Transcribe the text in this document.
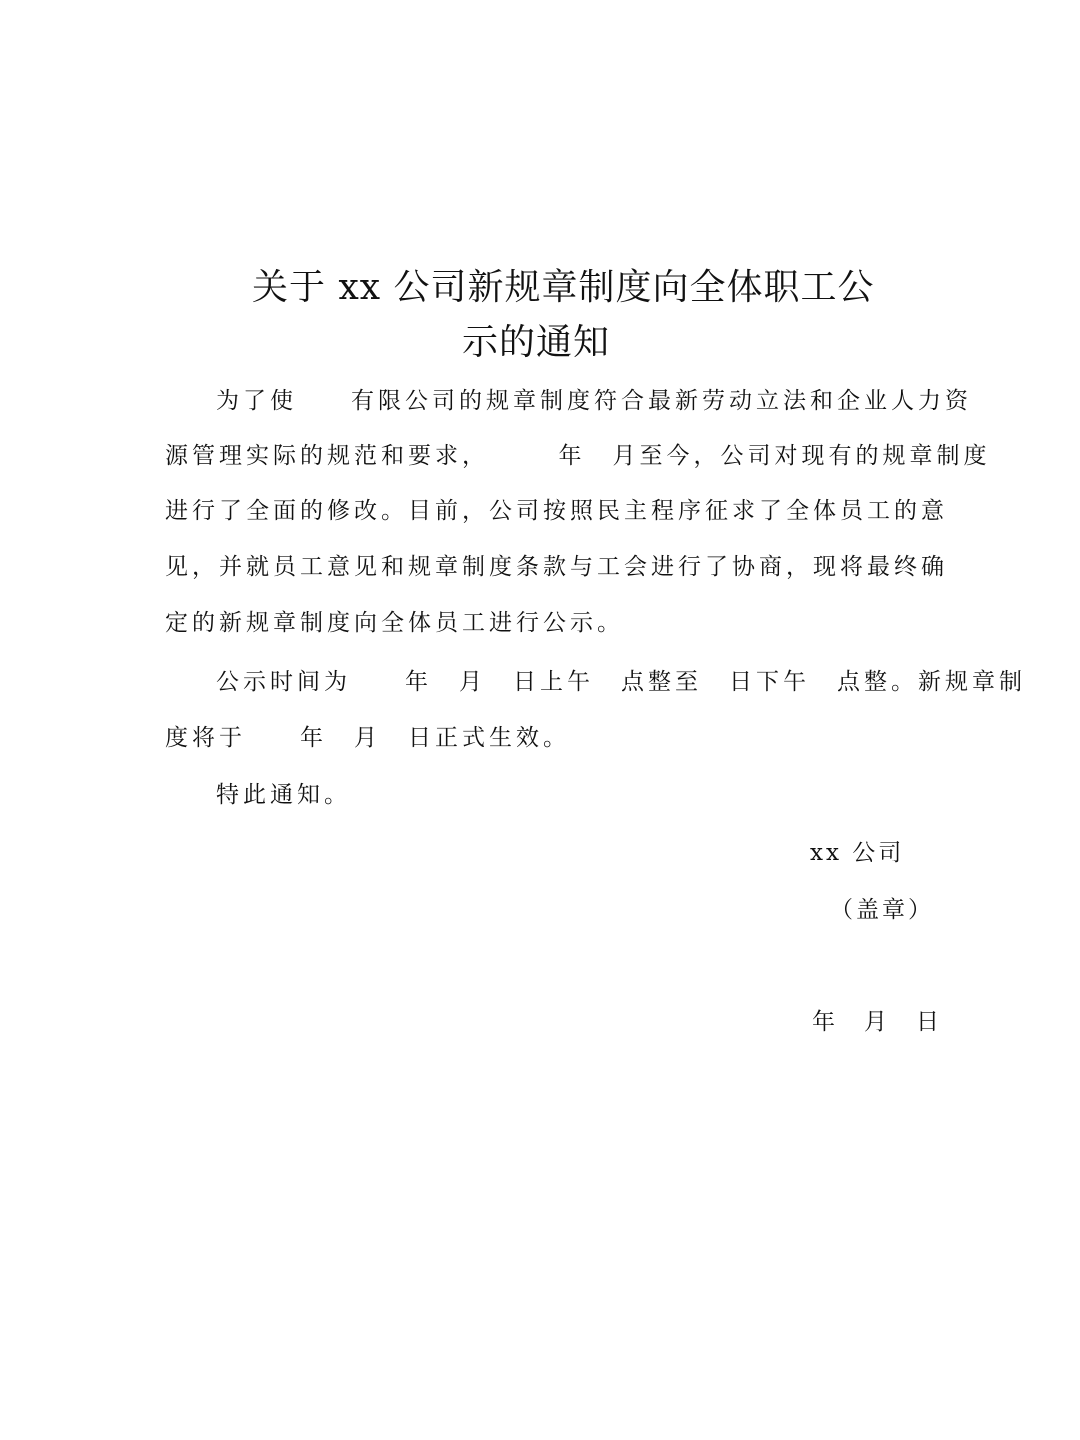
关于 xx 公司新规章制度向全体职工公
示的通知
为了使　　有限公司的规章制度符合最新劳动立法和企业人力资
源管理实际的规范和要求，　　　年　月至今，公司对现有的规章制度
进行了全面的修改。目前，公司按照民主程序征求了全体员工的意
见，并就员工意见和规章制度条款与工会进行了协商，现将最终确
定的新规章制度向全体员工进行公示。
公示时间为　　年　月　日上午　点整至　日下午　点整。新规章制
度将于　　年　月　日正式生效。
特此通知。
xx 公司
（盖章）
年　月　日
